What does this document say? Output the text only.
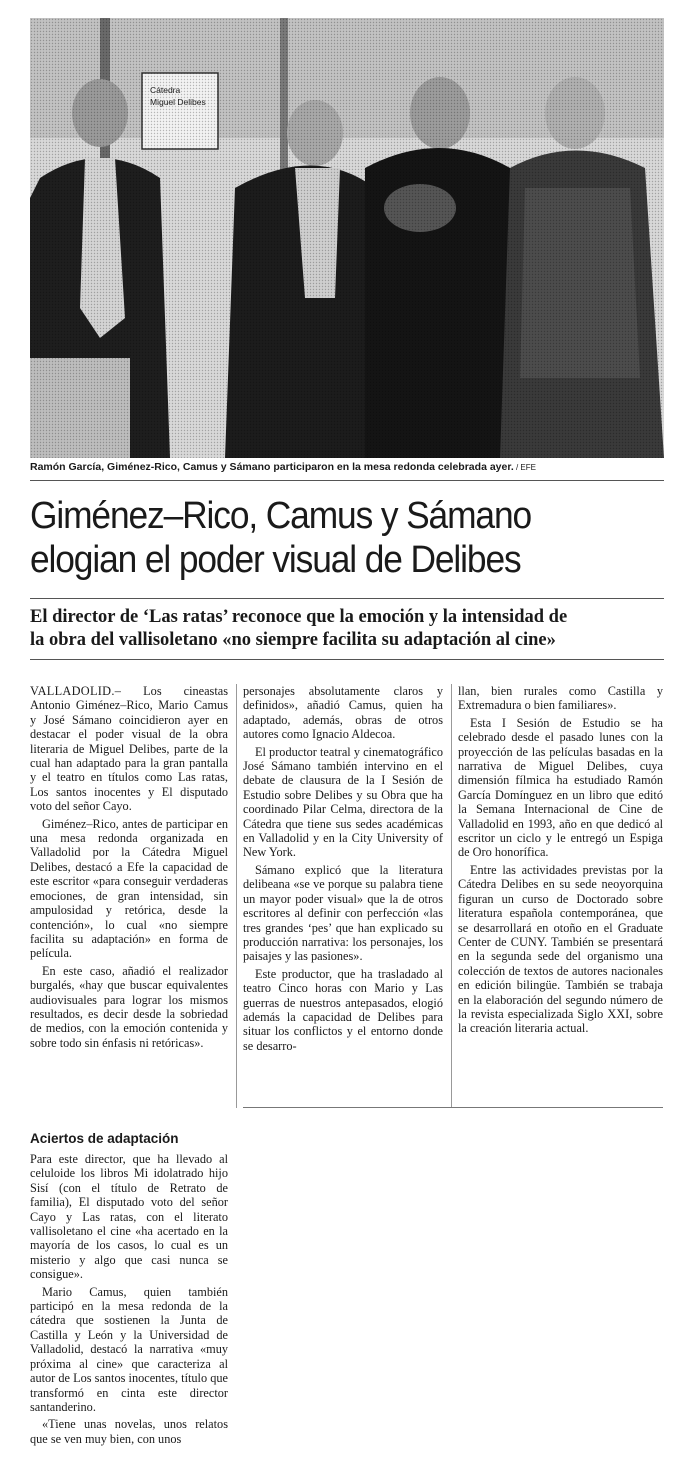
Ramón García, Giménez-Rico, Camus y Sámano participaron en la mesa redonda celebrada ayer. / EFE
Giménez–Rico, Camus y Sámano
elogian el poder visual de Delibes
El director de ‘Las ratas’ reconoce que la emoción y la intensidad de
la obra del vallisoletano «no siempre facilita su adaptación al cine»

VALLADOLID.– Los cineastas Antonio Giménez–Rico, Mario Camus y José Sámano coincidieron ayer en destacar el poder visual de la obra literaria de Miguel Delibes, parte de la cual han adaptado para la gran pantalla y el teatro en títulos como Las ratas, Los santos inocentes y El disputado voto del señor Cayo.

Giménez–Rico, antes de participar en una mesa redonda organizada en Valladolid por la Cátedra Miguel Delibes, destacó a Efe la capacidad de este escritor «para conseguir verdaderas emociones, de gran intensidad, sin ampulosidad y retórica, desde la contención», lo cual «no siempre facilita su adaptación» en forma de película.

En este caso, añadió el realizador burgalés, «hay que buscar equivalentes audiovisuales para lograr los mismos resultados, es decir desde la sobriedad de medios, con la emoción contenida y sobre todo sin énfasis ni retóricas».

personajes absolutamente claros y definidos», añadió Camus, quien ha adaptado, además, obras de otros autores como Ignacio Aldecoa.

El productor teatral y cinematográfico José Sámano también intervino en el debate de clausura de la I Sesión de Estudio sobre Delibes y su Obra que ha coordinado Pilar Celma, directora de la Cátedra que tiene sus sedes académicas en Valladolid y en la City University of New York.

Sámano explicó que la literatura delibeana «se ve porque su palabra tiene un mayor poder visual» que la de otros escritores al definir con perfección «las tres grandes ‘pes’ que han explicado su producción narrativa: los personajes, los paisajes y las pasiones».

Este productor, que ha trasladado al teatro Cinco horas con Mario y Las guerras de nuestros antepasados, elogió además la capacidad de Delibes para situar los conflictos y el entorno donde se desarro-

llan, bien rurales como Castilla y Extremadura o bien familiares».

Esta I Sesión de Estudio se ha celebrado desde el pasado lunes con la proyección de las películas basadas en la narrativa de Miguel Delibes, cuya dimensión fílmica ha estudiado Ramón García Domínguez en un libro que editó la Semana Internacional de Cine de Valladolid en 1993, año en que dedicó al escritor un ciclo y le entregó un Espiga de Oro honorífica.

Entre las actividades previstas por la Cátedra Delibes en su sede neoyorquina figuran un curso de Doctorado sobre literatura española contemporánea, que se desarrollará en otoño en el Graduate Center de CUNY. También se presentará en la segunda sede del organismo una colección de textos de autores nacionales en edición bilingüe. También se trabaja en la elaboración del segundo número de la revista especializada Siglo XXI, sobre la creación literaria actual.

Aciertos de adaptación

Para este director, que ha llevado al celuloide los libros Mi idolatrado hijo Sisí (con el título de Retrato de familia), El disputado voto del señor Cayo y Las ratas, con el literato vallisoletano el cine «ha acertado en la mayoría de los casos, lo cual es un misterio y algo que casi nunca se consigue».

Mario Camus, quien también participó en la mesa redonda de la cátedra que sostienen la Junta de Castilla y León y la Universidad de Valladolid, destacó la narrativa «muy próxima al cine» que caracteriza al autor de Los santos inocentes, título que transformó en cinta este director santanderino.

«Tiene unas novelas, unos relatos que se ven muy bien, con unos
